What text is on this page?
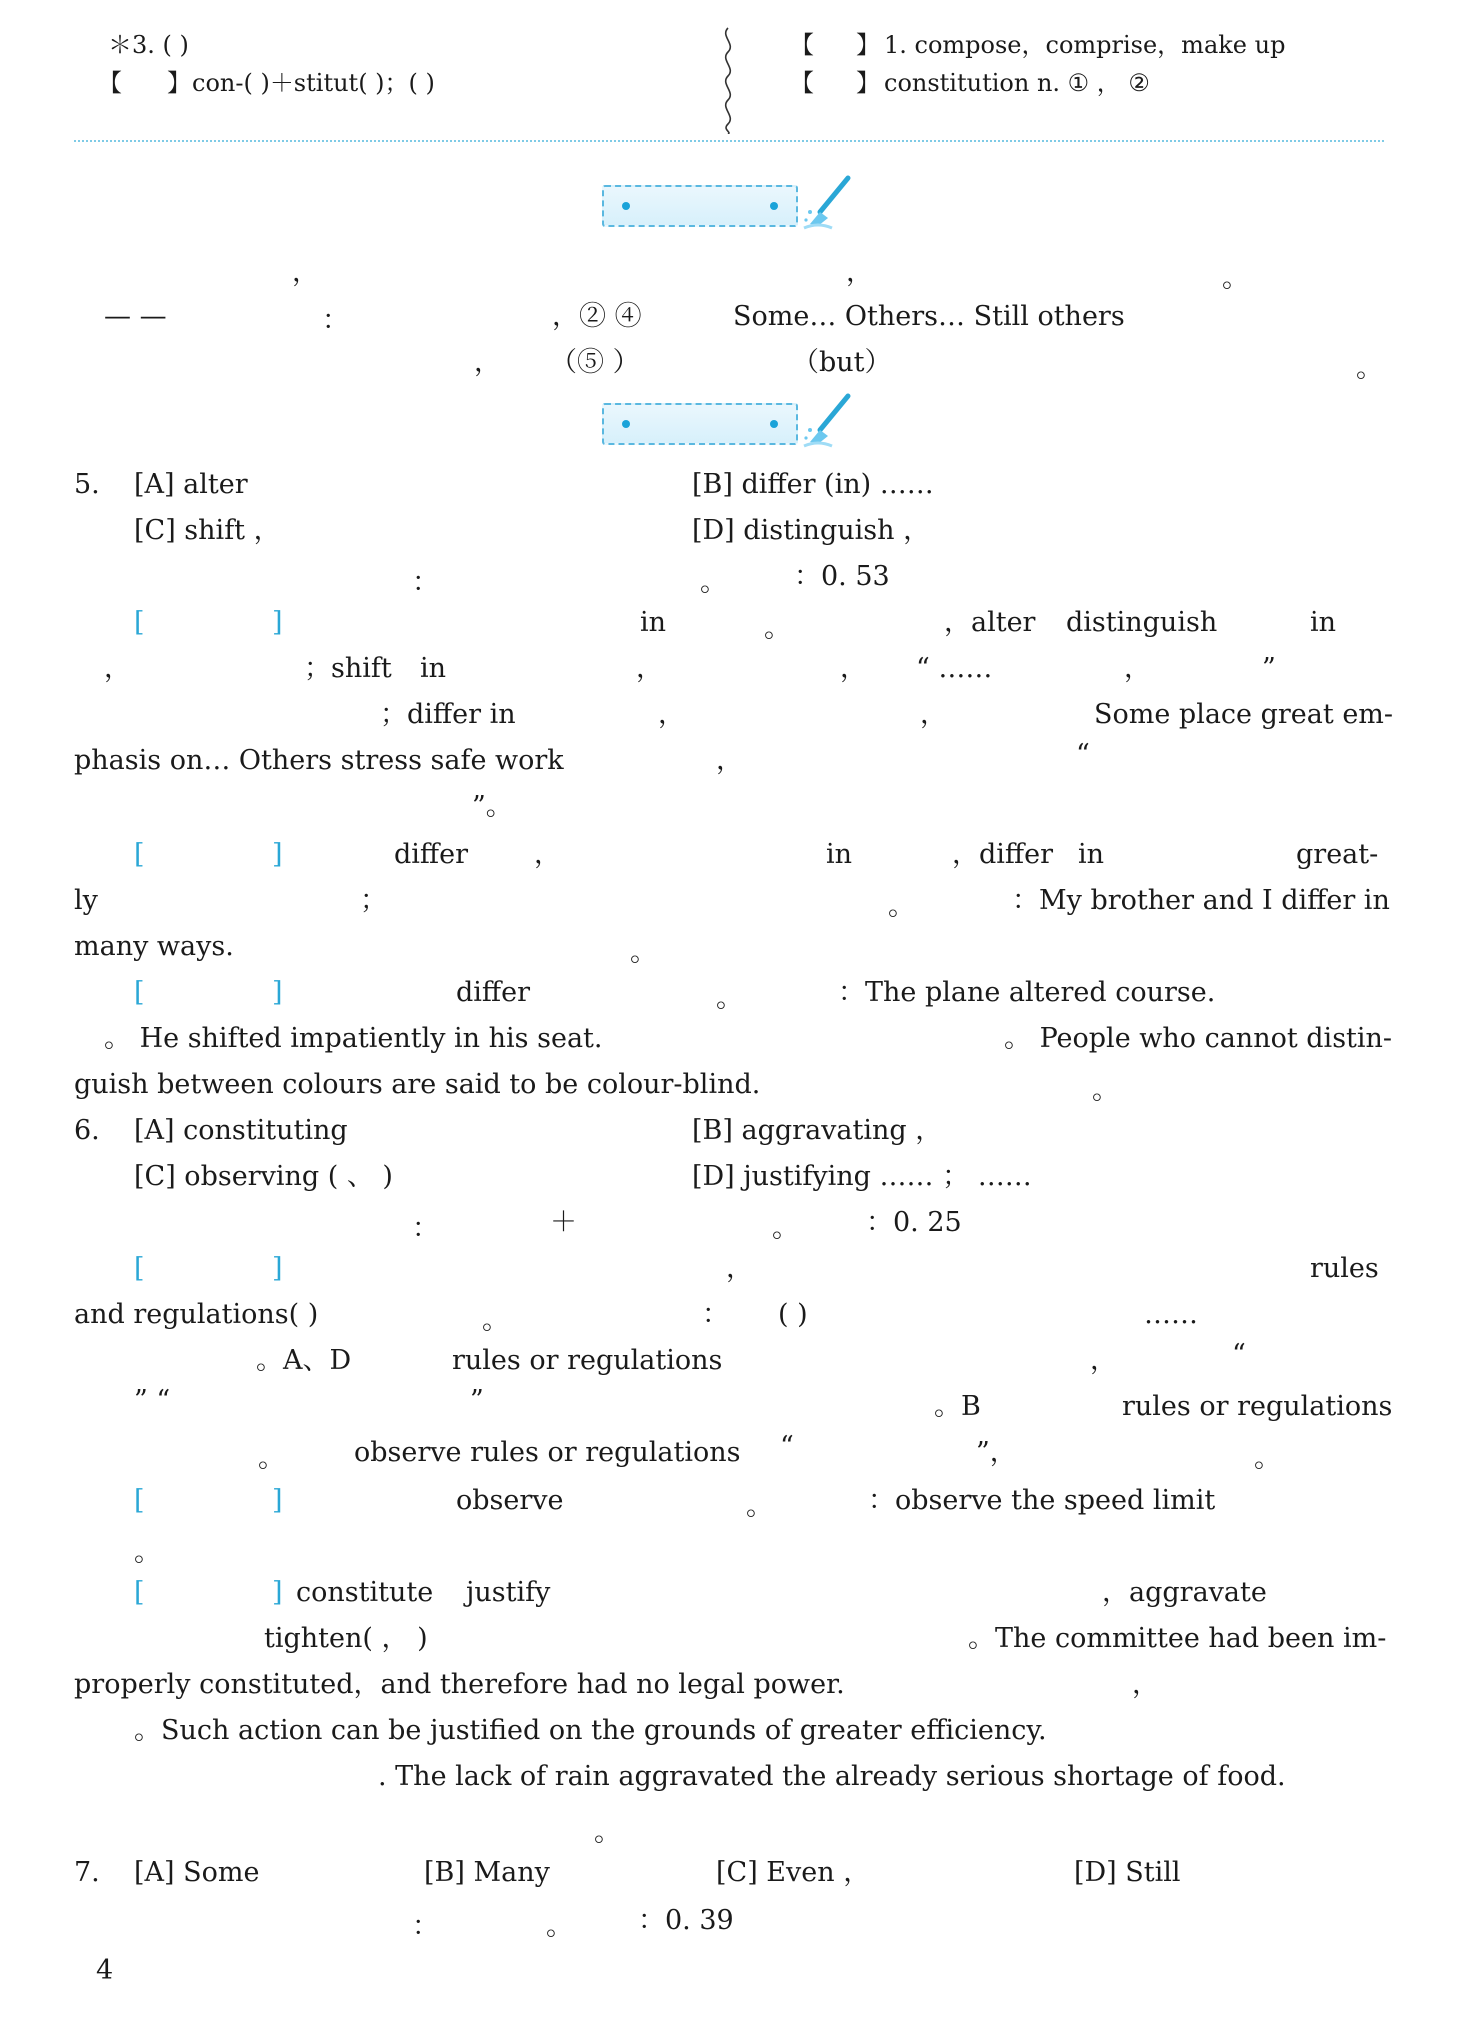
＊3. ( )
【 】 con-( )＋stitut( )；( )
【 】 1. compose，comprise，make up
【 】 constitution n. ① ， ②
，	，	。
— —	：	，② ④	Some… Others… Still others
， （⑤ ）	（but）	。
5. [A] alter	[B] differ (in) ……
[C] shift ，	[D] distinguish ，
：	。 ：0. 53
[	]	in	。	，alter distinguish	in
，	；shift in	，	， “ ……	，	”
；differ in	，	，	Some place great em-
phasis on… Others stress safe work	，	“
”。
[	]	differ ，	in	，differ in	great-
ly	；	。	：My brother and I differ in
many ways.	。
[	]	differ	。	：The plane altered course.
。 He shifted impatiently in his seat.	。 People who cannot distin-
guish between colours are said to be colour-blind.	。
6. [A] constituting	[B] aggravating ，
[C] observing ( 、 )	[D] justifying …… ； ……
：	＋	。 ：0. 25
[	]	，	rules
and regulations( )	。	： ( )	……
。A、D	rules or regulations	，	“
” “	”	。B	rules or regulations
。	observe rules or regulations “	”，	。
[	]	observe	。	：observe the speed limit
。
[	] constitute justify	，aggravate
tighten( ， )	。The committee had been im-
properly constituted，and therefore had no legal power.	，
。Such action can be justified on the grounds of greater efficiency.
. The lack of rain aggravated the already serious shortage of food.
。
7. [A] Some	[B] Many	[C] Even ，	[D] Still
：	。 ：0. 39
4
